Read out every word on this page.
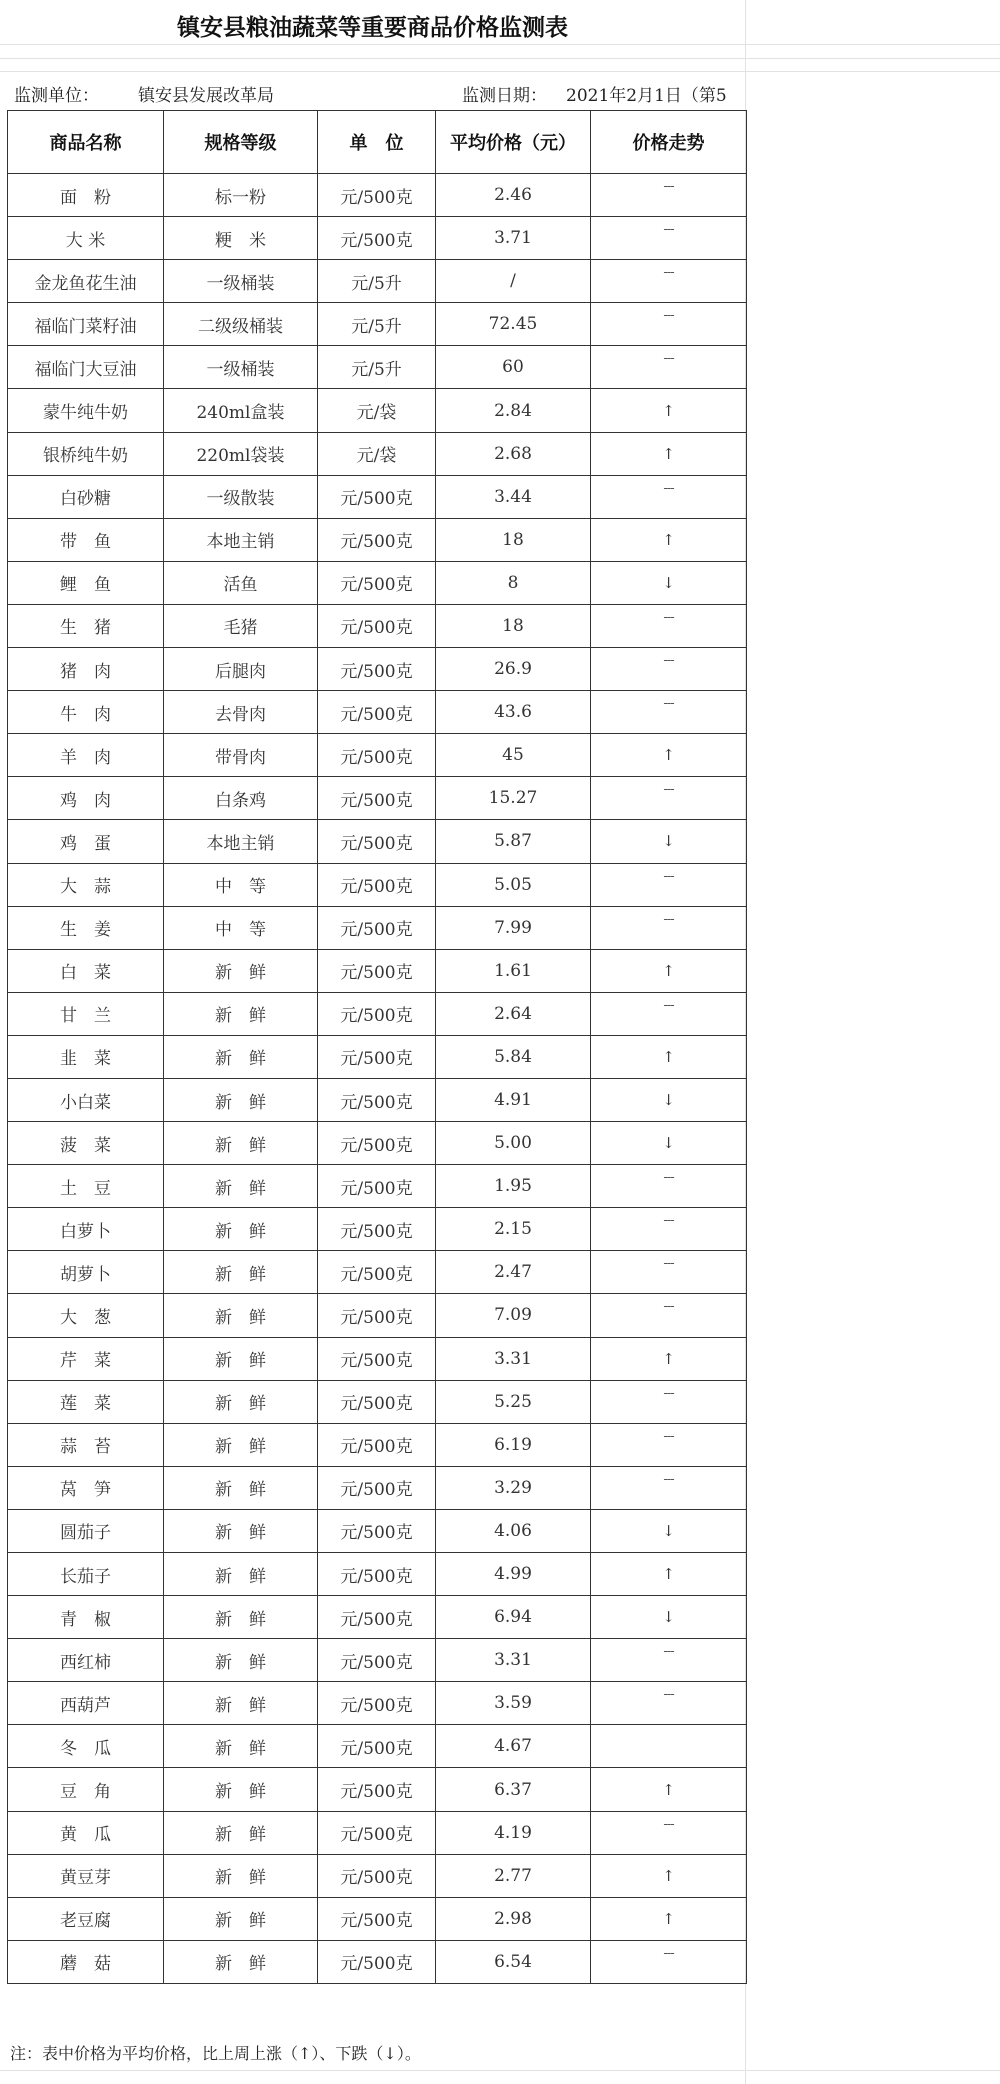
镇安县粮油蔬菜等重要商品价格监测表
监测单位： 镇安县发展改革局	监测日期： 2021年2月1日（第5
商品名称	规格等级	单　位	平均价格（元）	价格走势
面　粉	标一粉	元/500克	2.46	---
大 米	粳　米	元/500克	3.71	---
金龙鱼花生油	一级桶装	元/5升	/	---
福临门菜籽油	二级级桶装	元/5升	72.45	---
福临门大豆油	一级桶装	元/5升	60	---
蒙牛纯牛奶	240ml盒装	元/袋	2.84	↑
银桥纯牛奶	220ml袋装	元/袋	2.68	↑
白砂糖	一级散装	元/500克	3.44	---
带　鱼	本地主销	元/500克	18	↑
鲤　鱼	活鱼	元/500克	8	↓
生　猪	毛猪	元/500克	18	---
猪　肉	后腿肉	元/500克	26.9	---
牛　肉	去骨肉	元/500克	43.6	---
羊　肉	带骨肉	元/500克	45	↑
鸡　肉	白条鸡	元/500克	15.27	---
鸡　蛋	本地主销	元/500克	5.87	↓
大　蒜	中　等	元/500克	5.05	---
生　姜	中　等	元/500克	7.99	---
白　菜	新　鲜	元/500克	1.61	↑
甘　兰	新　鲜	元/500克	2.64	---
韭　菜	新　鲜	元/500克	5.84	↑
小白菜	新　鲜	元/500克	4.91	↓
菠　菜	新　鲜	元/500克	5.00	↓
土　豆	新　鲜	元/500克	1.95	---
白萝卜	新　鲜	元/500克	2.15	---
胡萝卜	新　鲜	元/500克	2.47	---
大　葱	新　鲜	元/500克	7.09	---
芹　菜	新　鲜	元/500克	3.31	↑
莲　菜	新　鲜	元/500克	5.25	---
蒜　苔	新　鲜	元/500克	6.19	---
莴　笋	新　鲜	元/500克	3.29	---
圆茄子	新　鲜	元/500克	4.06	↓
长茄子	新　鲜	元/500克	4.99	↑
青　椒	新　鲜	元/500克	6.94	↓
西红柿	新　鲜	元/500克	3.31	---
西葫芦	新　鲜	元/500克	3.59	---
冬　瓜	新　鲜	元/500克	4.67	
豆　角	新　鲜	元/500克	6.37	↑
黄　瓜	新　鲜	元/500克	4.19	---
黄豆芽	新　鲜	元/500克	2.77	↑
老豆腐	新　鲜	元/500克	2.98	↑
蘑　菇	新　鲜	元/500克	6.54	---
注：表中价格为平均价格，比上周上涨（↑）、下跌（↓）。
